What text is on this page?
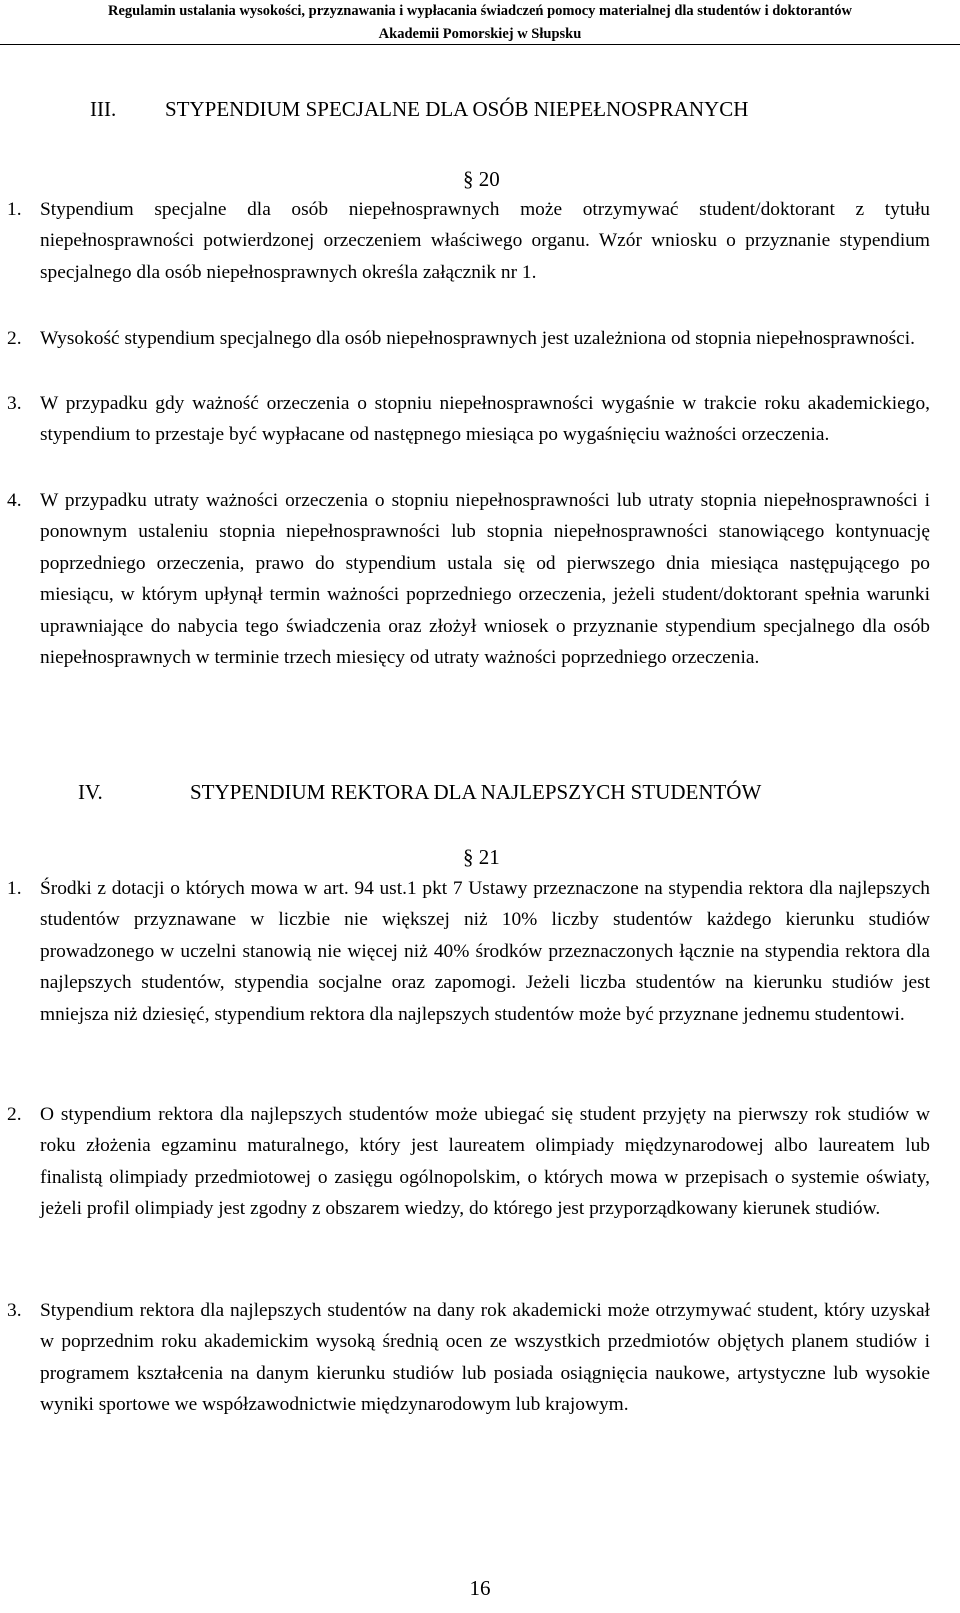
Regulamin ustalania wysokości, przyznawania i wypłacania świadczeń pomocy materialnej dla studentów i doktorantów
Akademii Pomorskiej w Słupsku
III. STYPENDIUM SPECJALNE DLA OSÓB NIEPEŁNOSPRANYCH
§ 20
1. Stypendium specjalne dla osób niepełnosprawnych może otrzymywać student/doktorant z tytułu niepełnosprawności potwierdzonej orzeczeniem właściwego organu. Wzór wniosku o przyznanie stypendium specjalnego dla osób niepełnosprawnych określa załącznik nr 1.
2. Wysokość stypendium specjalnego dla osób niepełnosprawnych jest uzależniona od stopnia niepełnosprawności.
3. W przypadku gdy ważność orzeczenia o stopniu niepełnosprawności wygaśnie w trakcie roku akademickiego, stypendium to przestaje być wypłacane od następnego miesiąca po wygaśnięciu ważności orzeczenia.
4. W przypadku utraty ważności orzeczenia o stopniu niepełnosprawności lub utraty stopnia niepełnosprawności i ponownym ustaleniu stopnia niepełnosprawności lub stopnia niepełnosprawności stanowiącego kontynuację poprzedniego orzeczenia, prawo do stypendium ustala się od pierwszego dnia miesiąca następującego po miesiącu, w którym upłynął termin ważności poprzedniego orzeczenia, jeżeli student/doktorant spełnia warunki uprawniające do nabycia tego świadczenia oraz złożył wniosek o przyznanie stypendium specjalnego dla osób niepełnosprawnych w terminie trzech miesięcy od utraty ważności poprzedniego orzeczenia.
IV.	STYPENDIUM REKTORA DLA NAJLEPSZYCH STUDENTÓW
§ 21
1. Środki z dotacji o których mowa w art. 94 ust.1 pkt 7 Ustawy przeznaczone na stypendia rektora dla najlepszych studentów przyznawane w liczbie nie większej niż 10% liczby studentów każdego kierunku studiów prowadzonego w uczelni stanowią nie więcej niż 40% środków przeznaczonych łącznie na stypendia rektora dla najlepszych studentów, stypendia socjalne oraz zapomogi. Jeżeli liczba studentów na kierunku studiów jest mniejsza niż dziesięć, stypendium rektora dla najlepszych studentów może być przyznane jednemu studentowi.
2. O stypendium rektora dla najlepszych studentów może ubiegać się student przyjęty na pierwszy rok studiów w roku złożenia egzaminu maturalnego, który jest laureatem olimpiady międzynarodowej albo laureatem lub finalistą olimpiady przedmiotowej o zasięgu ogólnopolskim, o których mowa w przepisach o systemie oświaty, jeżeli profil olimpiady jest zgodny z obszarem wiedzy, do którego jest przyporządkowany kierunek studiów.
3. Stypendium rektora dla najlepszych studentów na dany rok akademicki może otrzymywać student, który uzyskał w poprzednim roku akademickim wysoką średnią ocen ze wszystkich przedmiotów objętych planem studiów i programem kształcenia na danym kierunku studiów lub posiada osiągnięcia naukowe, artystyczne lub wysokie wyniki sportowe we współzawodnictwie międzynarodowym lub krajowym.
16
